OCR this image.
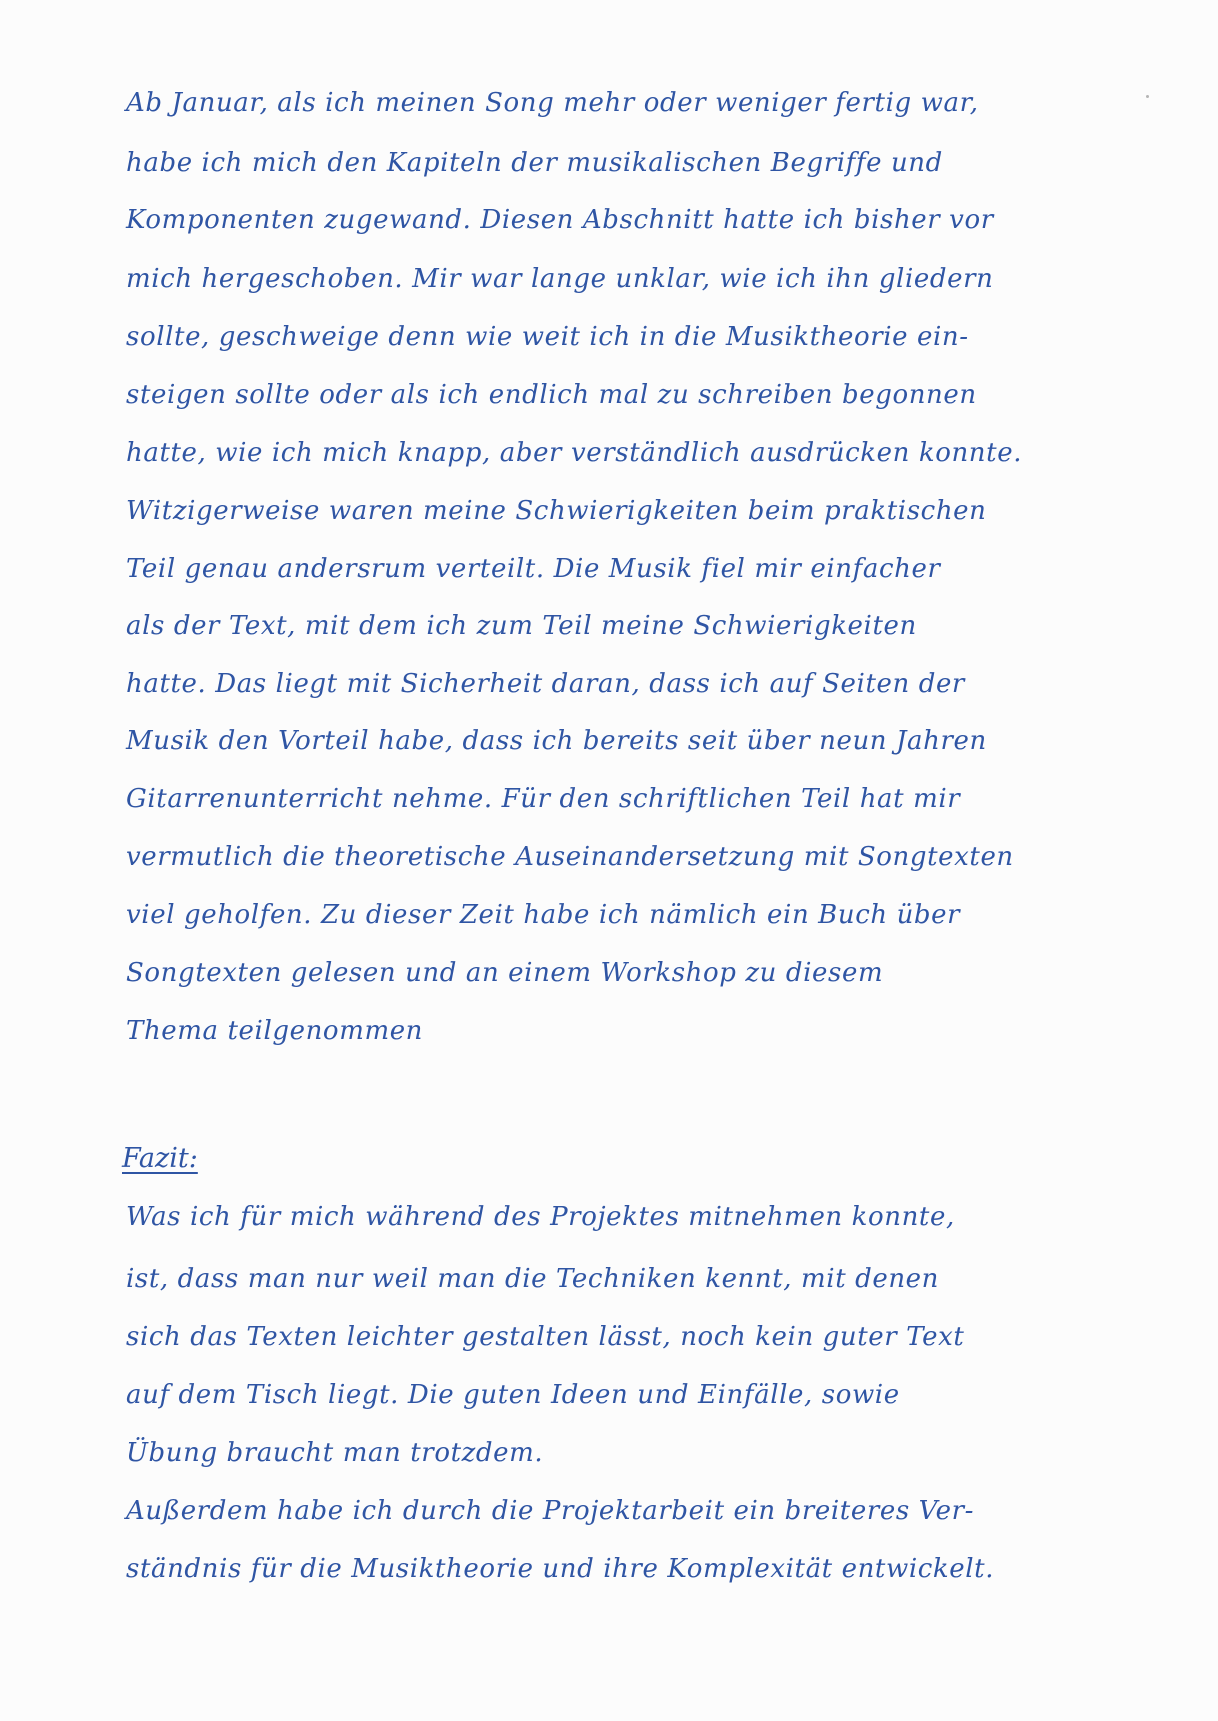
Ab Januar, als ich meinen Song mehr oder weniger fertig war,
habe ich mich den Kapiteln der musikalischen Begriffe und
Komponenten zugewand. Diesen Abschnitt hatte ich bisher vor
mich hergeschoben. Mir war lange unklar, wie ich ihn gliedern
sollte, geschweige denn wie weit ich in die Musiktheorie ein-
steigen sollte oder als ich endlich mal zu schreiben begonnen
hatte, wie ich mich knapp, aber verständlich ausdrücken konnte.
Witzigerweise waren meine Schwierigkeiten beim praktischen
Teil genau andersrum verteilt. Die Musik fiel mir einfacher
als der Text, mit dem ich zum Teil meine Schwierigkeiten
hatte. Das liegt mit Sicherheit daran, dass ich auf Seiten der
Musik den Vorteil habe, dass ich bereits seit über neun Jahren
Gitarrenunterricht nehme. Für den schriftlichen Teil hat mir
vermutlich die theoretische Auseinandersetzung mit Songtexten
viel geholfen. Zu dieser Zeit habe ich nämlich ein Buch über
Songtexten gelesen und an einem Workshop zu diesem
Thema teilgenommen
Fazit:
Was ich für mich während des Projektes mitnehmen konnte,
ist, dass man nur weil man die Techniken kennt, mit denen
sich das Texten leichter gestalten lässt, noch kein guter Text
auf dem Tisch liegt. Die guten Ideen und Einfälle, sowie
Übung braucht man trotzdem.
Außerdem habe ich durch die Projektarbeit ein breiteres Ver-
ständnis für die Musiktheorie und ihre Komplexität entwickelt.
